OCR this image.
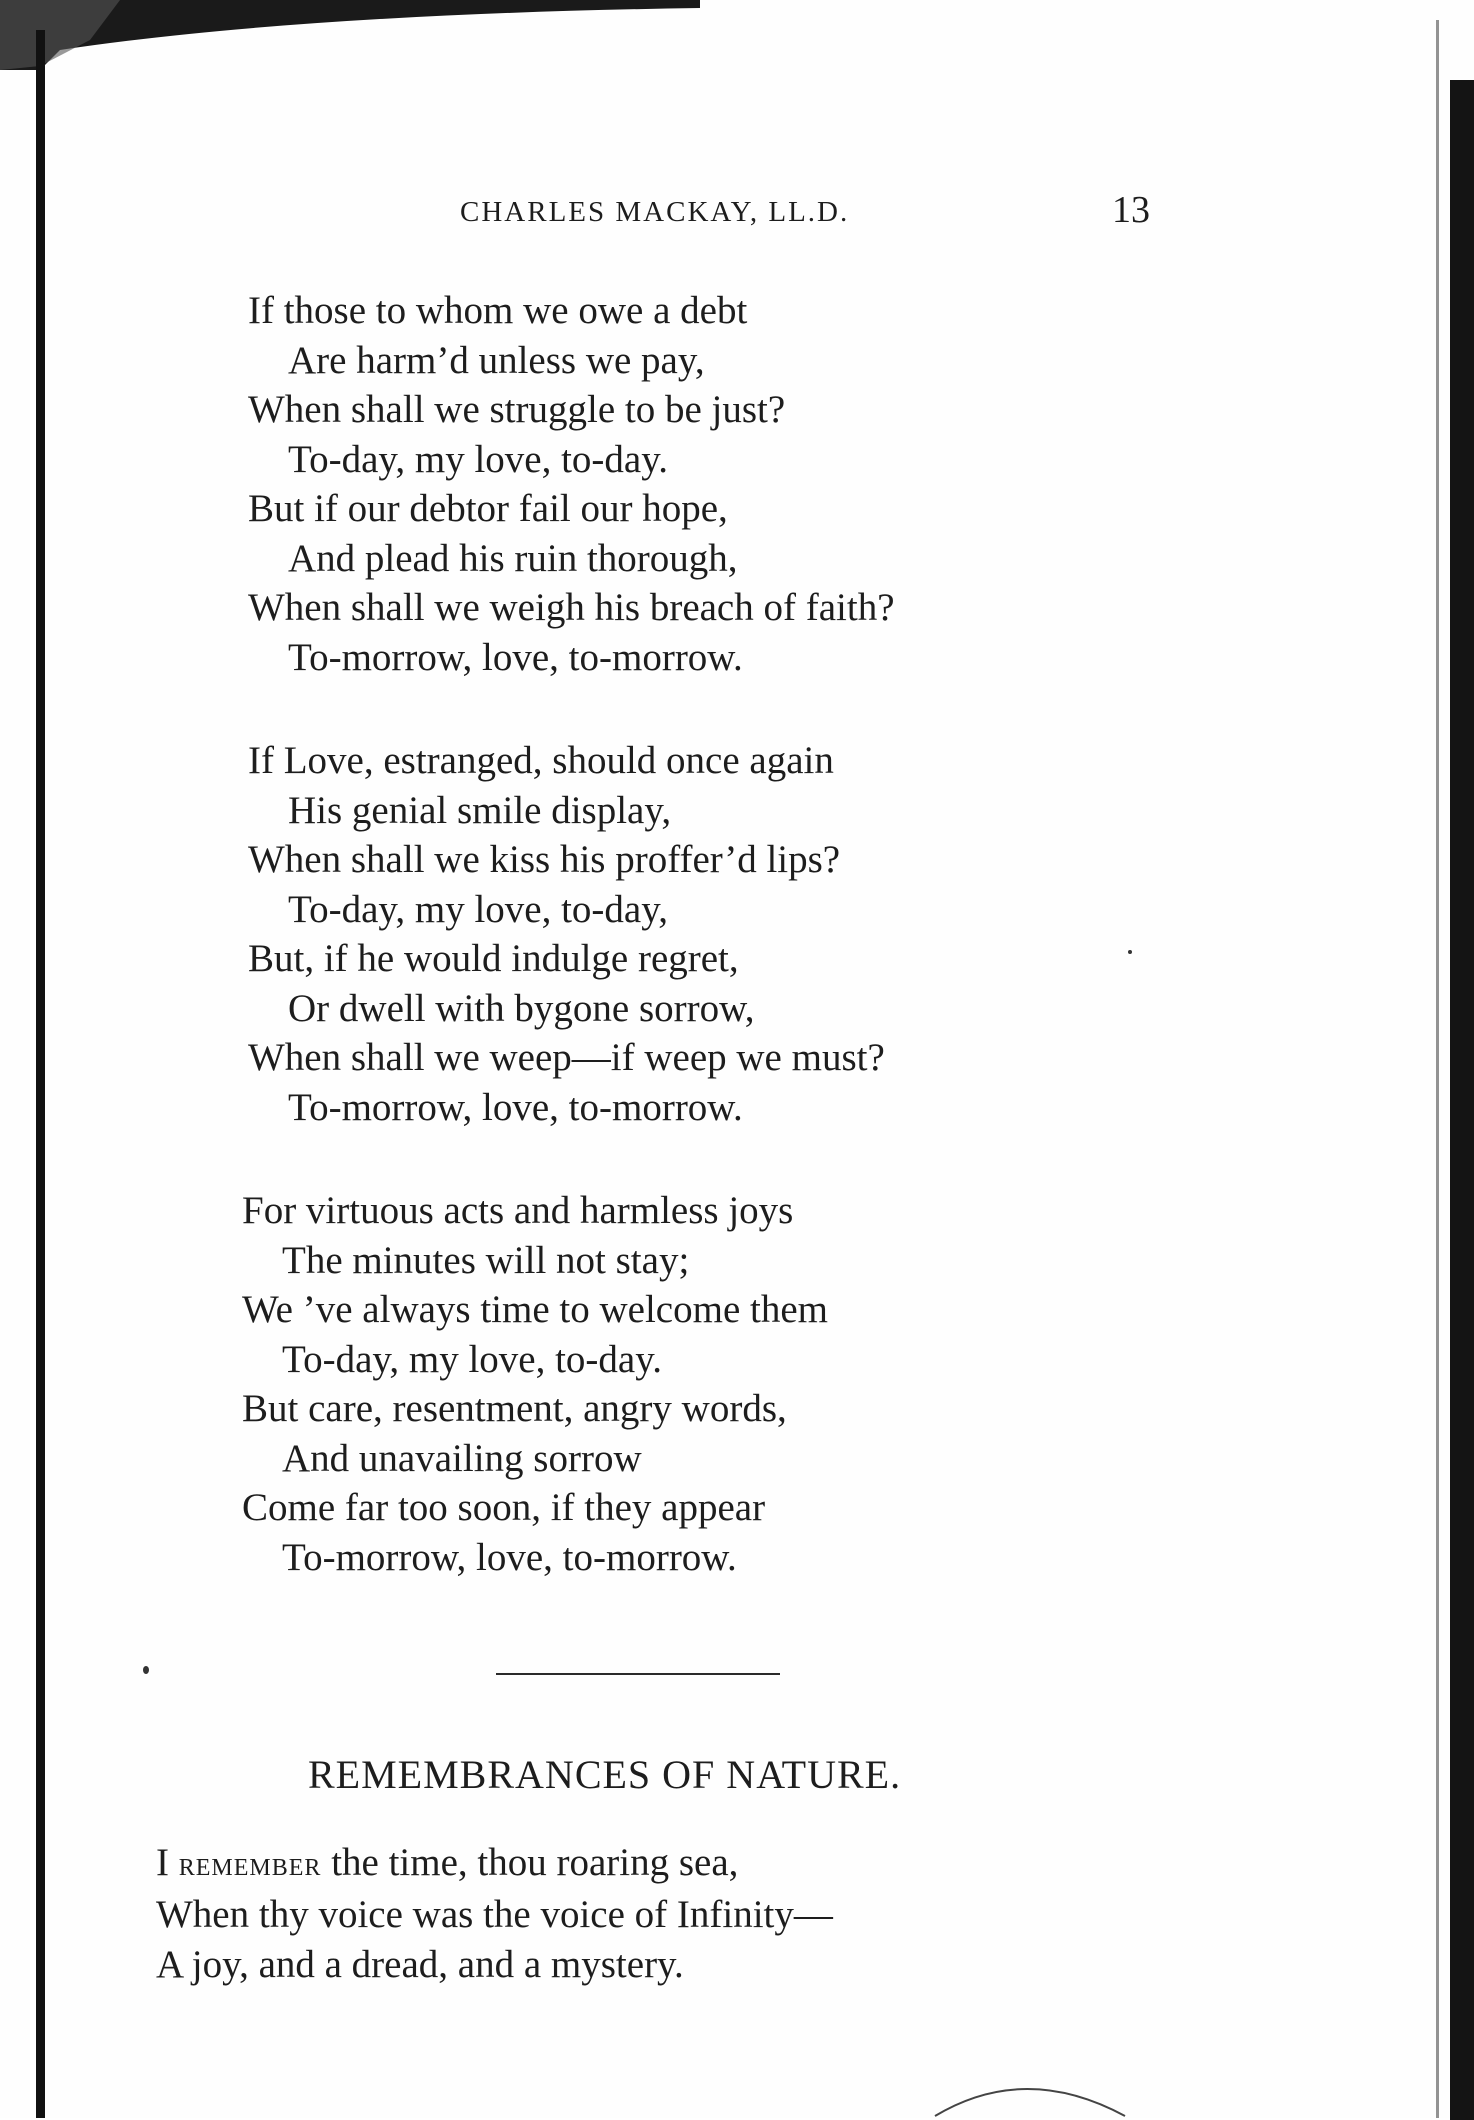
CHARLES MACKAY, LL.D.	13
If those to whom we owe a debt
Are harm’d unless we pay,
When shall we struggle to be just?
To-day, my love, to-day.
But if our debtor fail our hope,
And plead his ruin thorough,
When shall we weigh his breach of faith?
To-morrow, love, to-morrow.
If Love, estranged, should once again
His genial smile display,
When shall we kiss his proffer’d lips?
To-day, my love, to-day,
But, if he would indulge regret,
Or dwell with bygone sorrow,
When shall we weep—if weep we must?
To-morrow, love, to-morrow.
For virtuous acts and harmless joys
The minutes will not stay;
We ’ve always time to welcome them
To-day, my love, to-day.
But care, resentment, angry words,
And unavailing sorrow
Come far too soon, if they appear
To-morrow, love, to-morrow.
REMEMBRANCES OF NATURE.
I remember the time, thou roaring sea,
When thy voice was the voice of Infinity—
A joy, and a dread, and a mystery.
